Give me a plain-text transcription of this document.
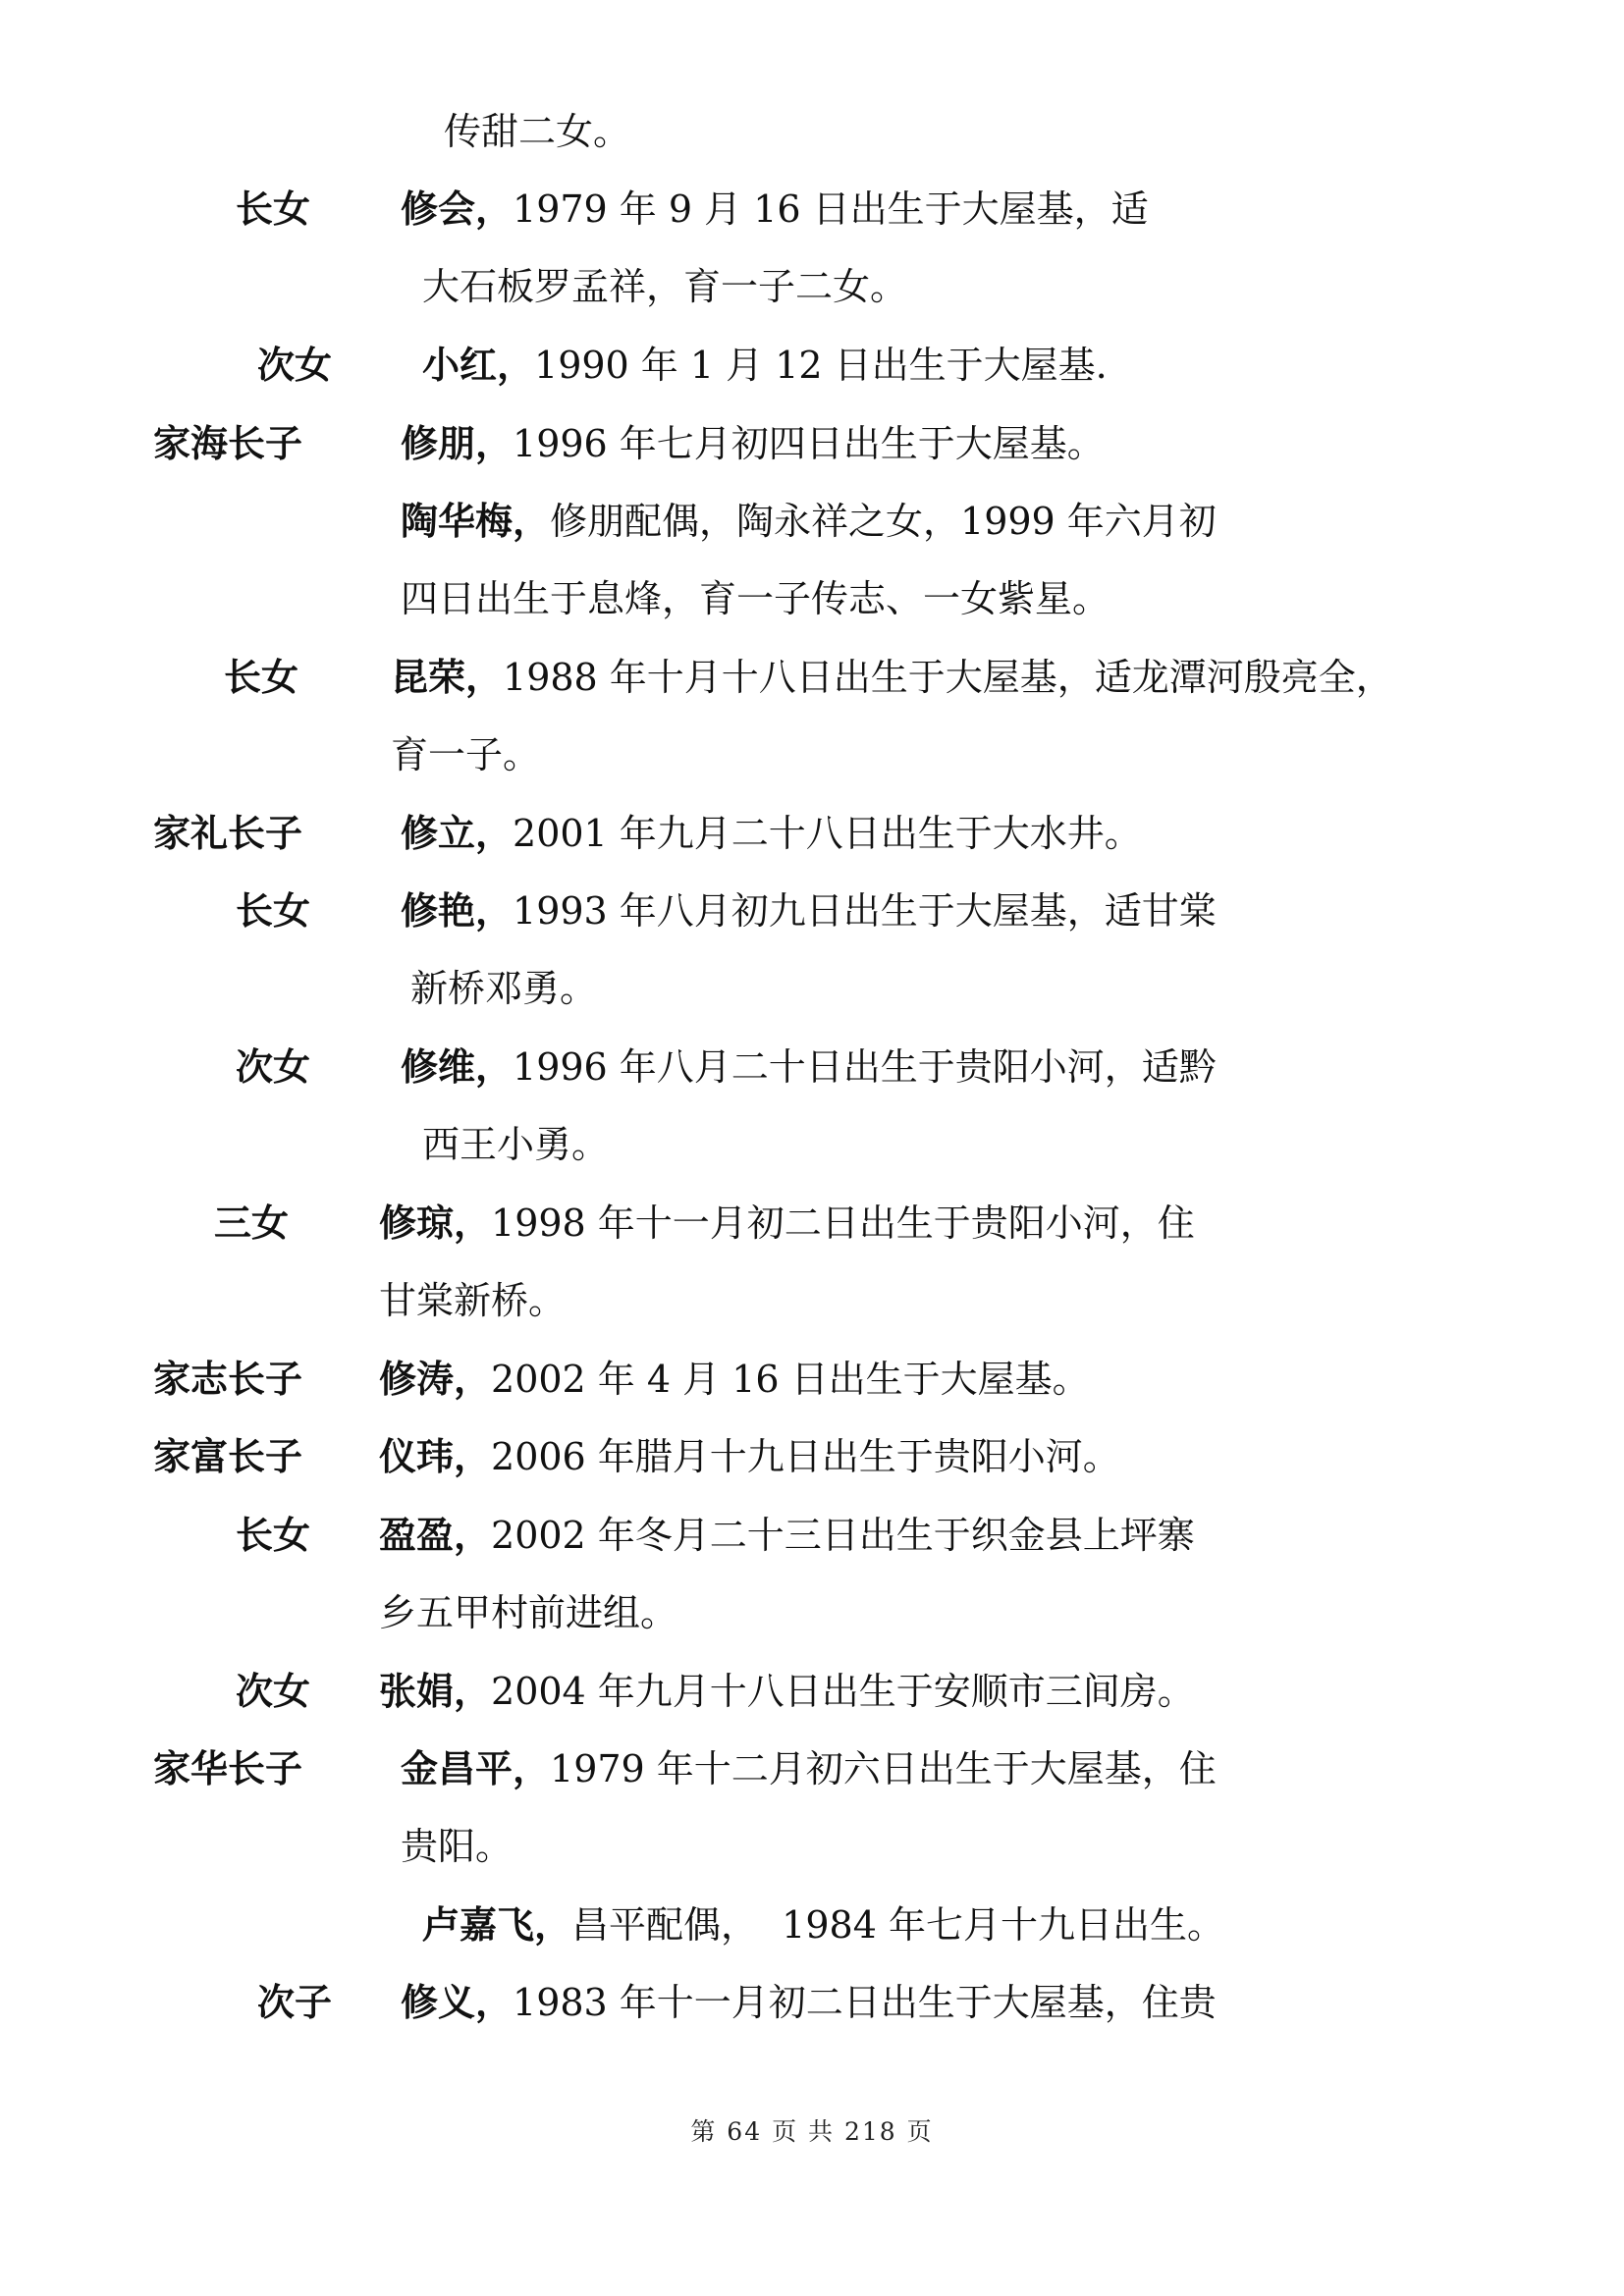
传甜二女。
长女 修会，1979 年 9 月 16 日出生于大屋基，适
大石板罗孟祥，育一子二女。
次女 小红，1990 年 1 月 12 日出生于大屋基.
家海长子	修朋，1996 年七月初四日出生于大屋基。
陶华梅，修朋配偶，陶永祥之女，1999 年六月初
四日出生于息烽，育一子传志、一女紫星。
长女 昆荣，1988 年十月十八日出生于大屋基，适龙潭河殷亮全，
育一子。
家礼长子	修立，2001 年九月二十八日出生于大水井。
长女 修艳，1993 年八月初九日出生于大屋基，适甘棠
新桥邓勇。
次女 修维，1996 年八月二十日出生于贵阳小河，适黔
西王小勇。
三女 修琼，1998 年十一月初二日出生于贵阳小河，住
甘棠新桥。
家志长子 修涛，2002 年 4 月 16 日出生于大屋基。
家富长子 仪玮，2006 年腊月十九日出生于贵阳小河。
长女 盈盈，2002 年冬月二十三日出生于织金县上坪寨
乡五甲村前进组。
次女 张娟，2004 年九月十八日出生于安顺市三间房。
家华长子	金昌平，1979 年十二月初六日出生于大屋基，住
贵阳。
卢嘉飞，昌平配偶，  1984 年七月十九日出生。
次子 修义，1983 年十一月初二日出生于大屋基，住贵
第 64 页 共 218 页
